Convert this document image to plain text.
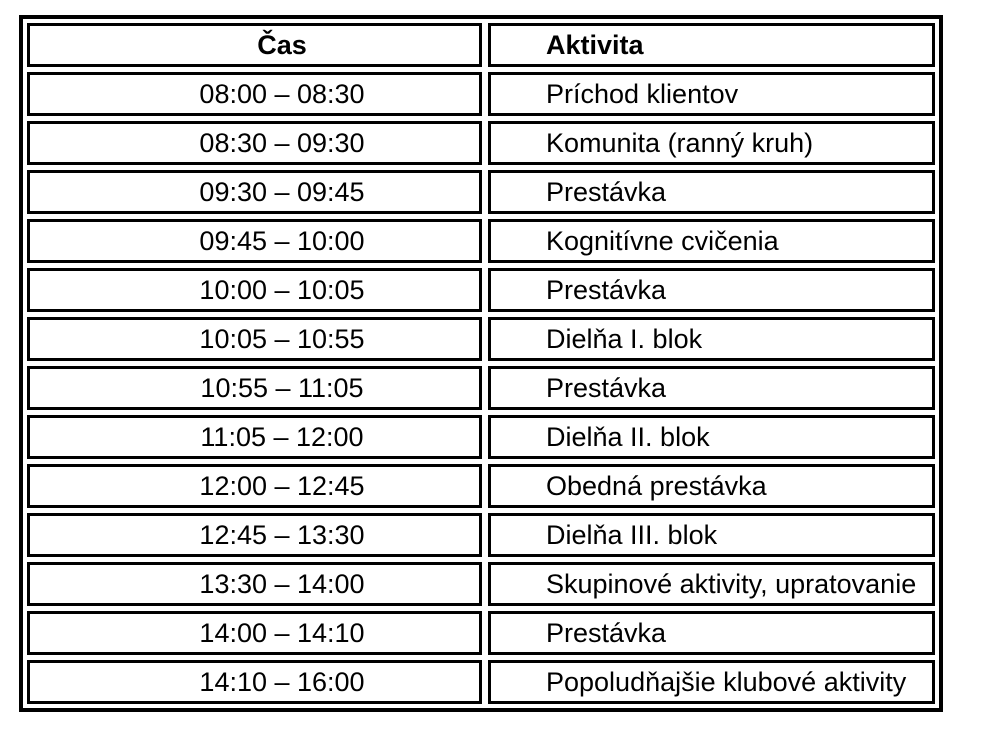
Čas	Aktivita
08:00 – 08:30	Príchod klientov
08:30 – 09:30	Komunita (ranný kruh)
09:30 – 09:45	Prestávka
09:45 – 10:00	Kognitívne cvičenia
10:00 – 10:05	Prestávka
10:05 – 10:55	Dielňa I. blok
10:55 – 11:05	Prestávka
11:05 – 12:00	Dielňa II. blok
12:00 – 12:45	Obedná prestávka
12:45 – 13:30	Dielňa III. blok
13:30 – 14:00	Skupinové aktivity, upratovanie
14:00 – 14:10	Prestávka
14:10 – 16:00	Popoludňajšie klubové aktivity
